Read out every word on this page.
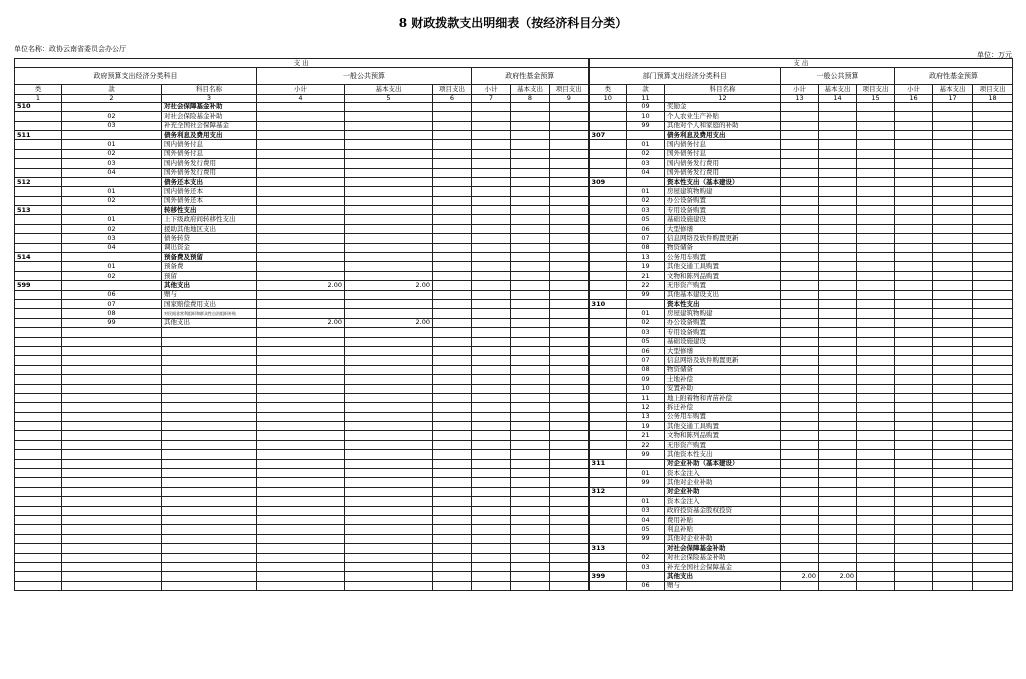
8 财政拨款支出明细表（按经济科目分类）
单位名称：政协云南省委员会办公厅
单位：万元
支 出									支 出								
政府预算支出经济分类科目			一般公共预算			政府性基金预算			部门预算支出经济分类科目			一般公共预算			政府性基金预算		
类	款	科目名称	小计	基本支出	项目支出	小计	基本支出	项目支出	类	款	科目名称	小计	基本支出	项目支出	小计	基本支出	项目支出
1	2	3	4	5	6	7	8	9	10	11	12	13	14	15	16	17	18
510		对社会保障基金补助								09	奖励金						
	02	对社会保险基金补助								10	个人农业生产补贴						
	03	补充全国社会保障基金								99	其他对个人和家庭的补助						
511		债务利息及费用支出							307		债务利息及费用支出						
	01	国内债务付息								01	国内债务付息						
	02	国外债务付息								02	国外债务付息						
	03	国内债务发行费用								03	国内债务发行费用						
	04	国外债务发行费用								04	国外债务发行费用						
512		债务还本支出							309		资本性支出（基本建设）						
	01	国内债务还本								01	房屋建筑物购建						
	02	国外债务还本								02	办公设备购置						
513		转移性支出								03	专用设备购置						
	01	上下级政府间转移性支出								05	基础设施建设						
	02	援助其他地区支出								06	大型修缮						
	03	债务转贷								07	信息网络及软件购置更新						
	04	调出资金								08	物资储备						
514		预备费及预留								13	公务用车购置						
	01	预备费								19	其他交通工具购置						
	02	预留								21	文物和陈列品购置						
599		其他支出	2.00	2.00						22	无形资产购置						
	06	赠与								99	其他基本建设支出						
	07	国家赔偿费用支出							310		资本性支出						
	08	对民间非营利组织和群众性自治组织补贴								01	房屋建筑物购建						
	99	其他支出	2.00	2.00						02	办公设备购置						
										03	专用设备购置						
										05	基础设施建设						
										06	大型修缮						
										07	信息网络及软件购置更新						
										08	物资储备						
										09	土地补偿						
										10	安置补助						
										11	地上附着物和青苗补偿						
										12	拆迁补偿						
										13	公务用车购置						
										19	其他交通工具购置						
										21	文物和陈列品购置						
										22	无形资产购置						
										99	其他资本性支出						
									311		对企业补助（基本建设）						
										01	资本金注入						
										99	其他对企业补助						
									312		对企业补助						
										01	资本金注入						
										03	政府投资基金股权投资						
										04	费用补贴						
										05	利息补贴						
										99	其他对企业补助						
									313		对社会保障基金补助						
										02	对社会保险基金补助						
										03	补充全国社会保障基金						
									399		其他支出	2.00	2.00				
										06	赠与						
